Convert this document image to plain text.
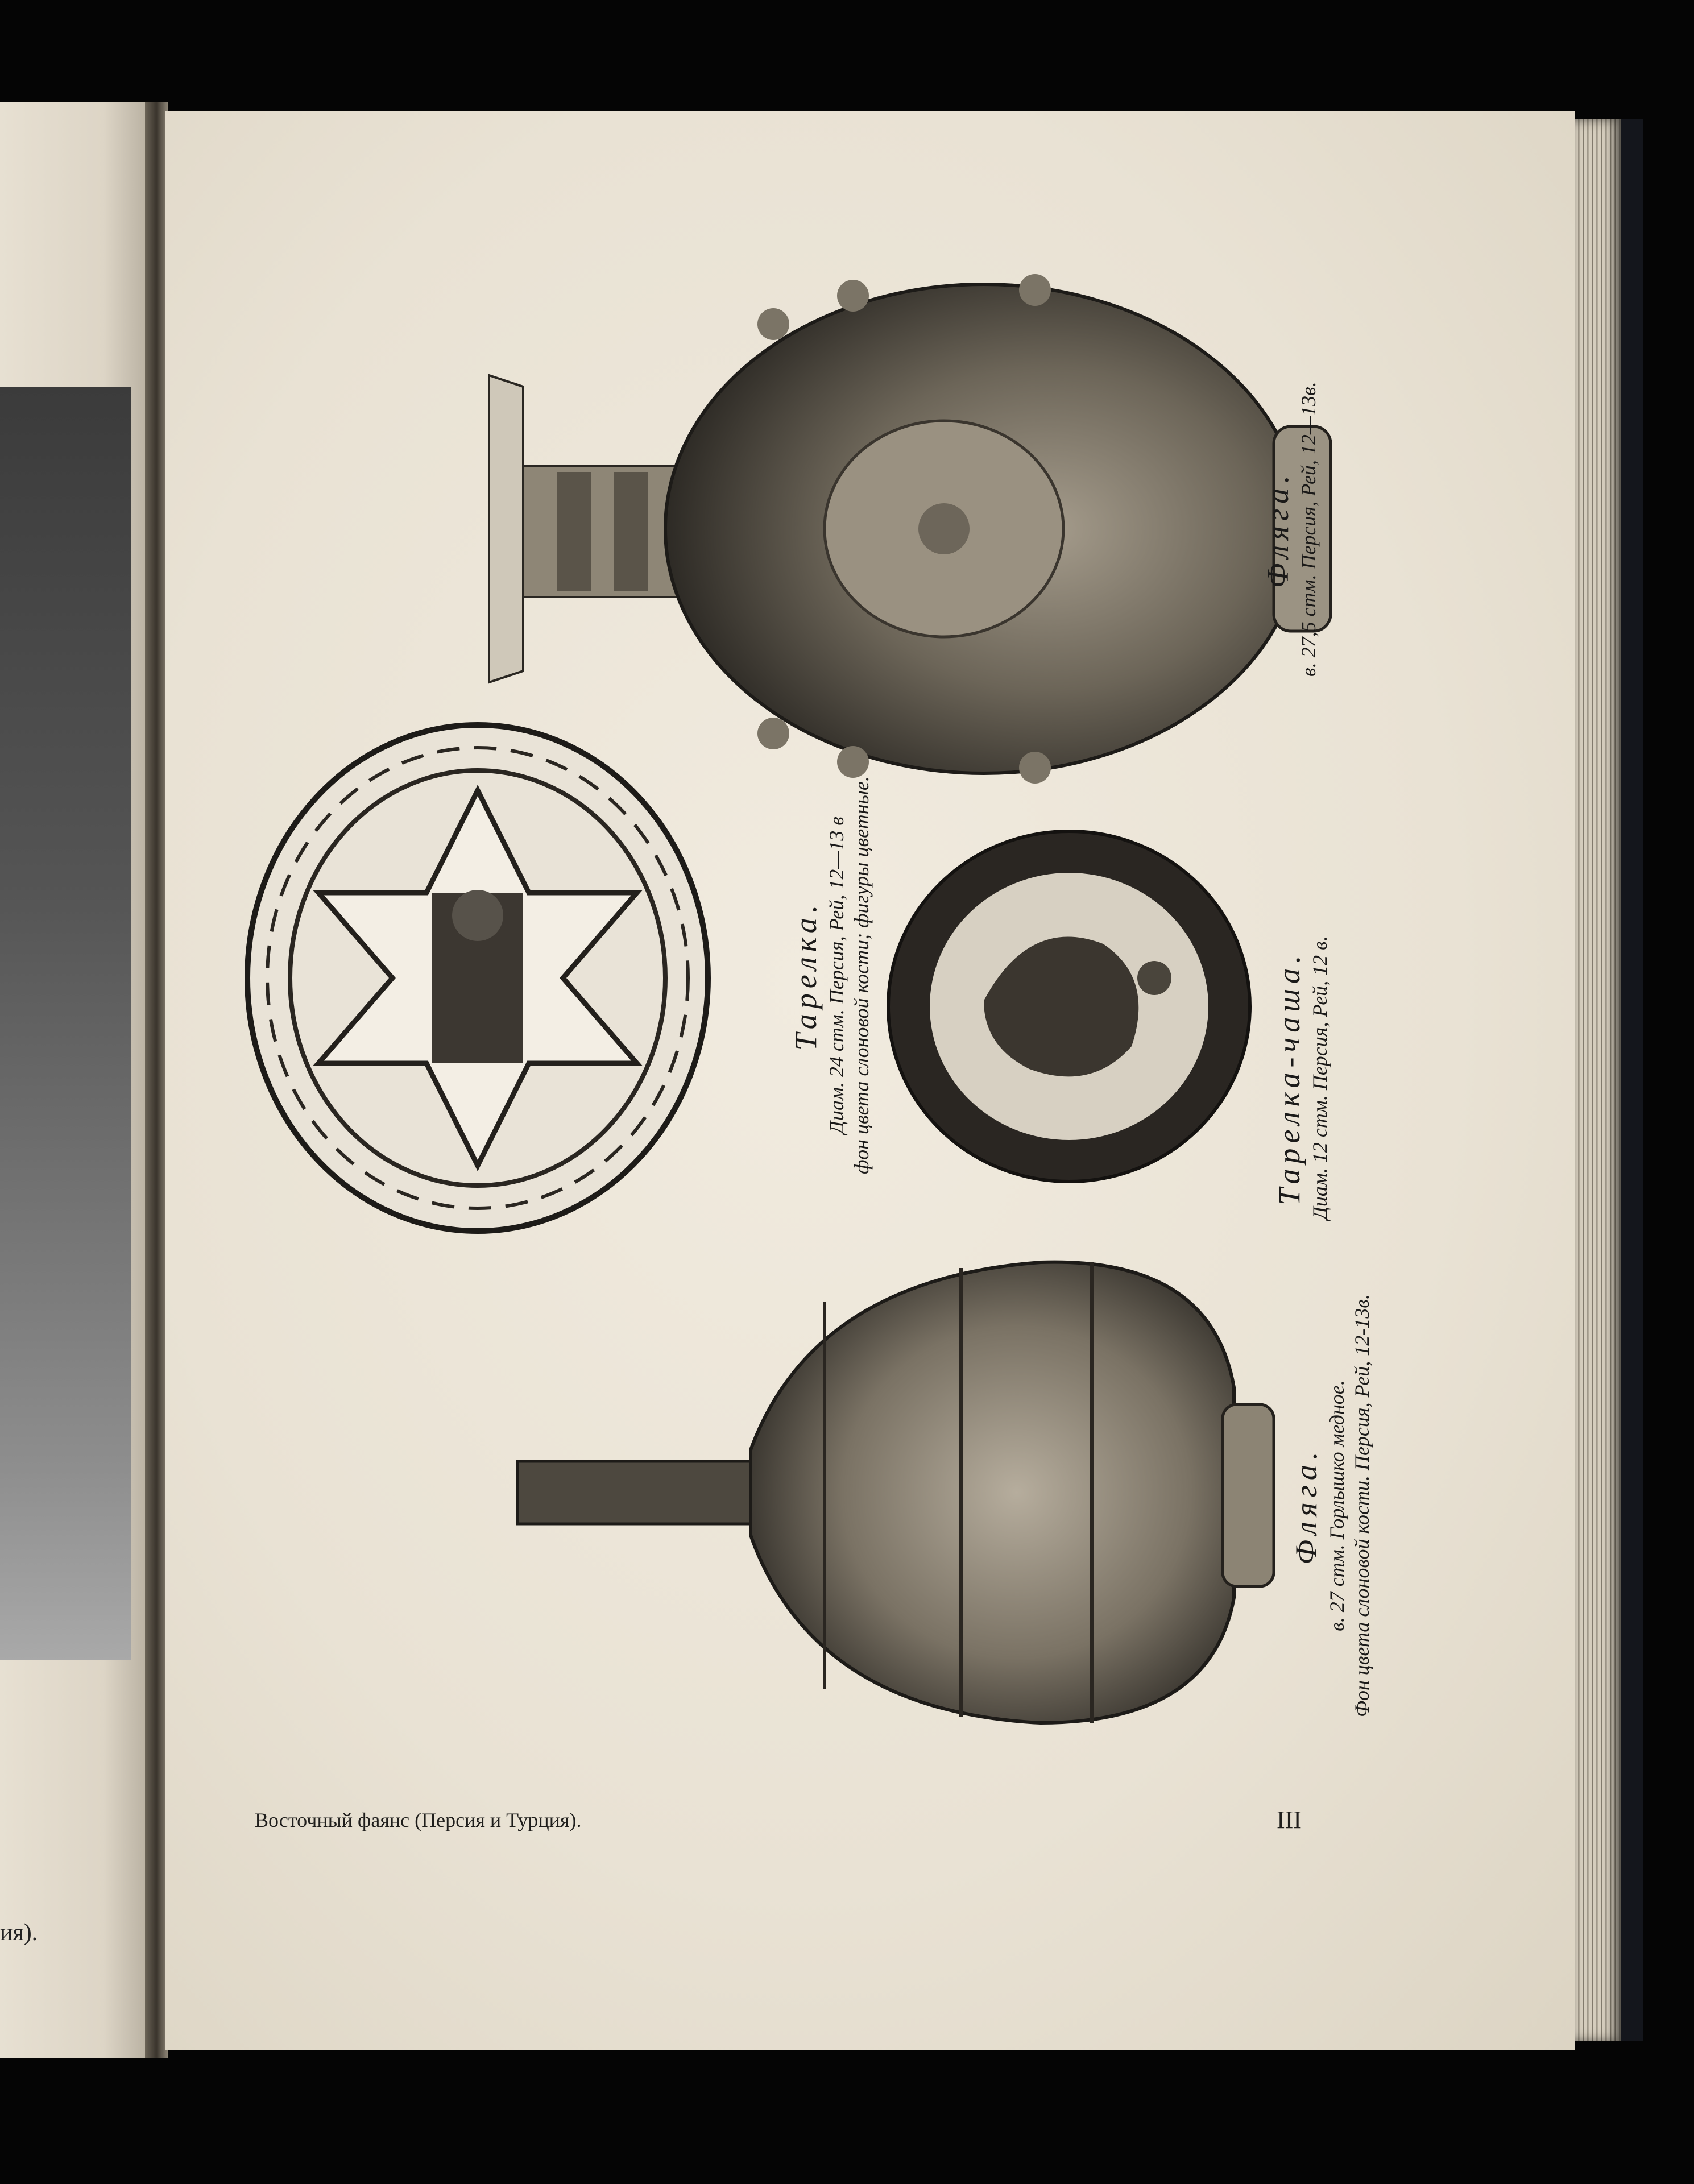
ия).
Фляга. в. 27,5 стм. Персия, Рей, 12—13в.
Тарелка. Диам. 24 стм. Персия, Рей, 12—13 в фон цвета слоновой кости; фигуры цветные.	Тарелка-чаша. Диам. 12 стм. Персия, Рей, 12 в.
Фляга. в. 27 стм. Горлышко медное. Фон цвета слоновой кости. Персия, Рей, 12-13в.
Восточный фаянс (Персия и Турция).	III
